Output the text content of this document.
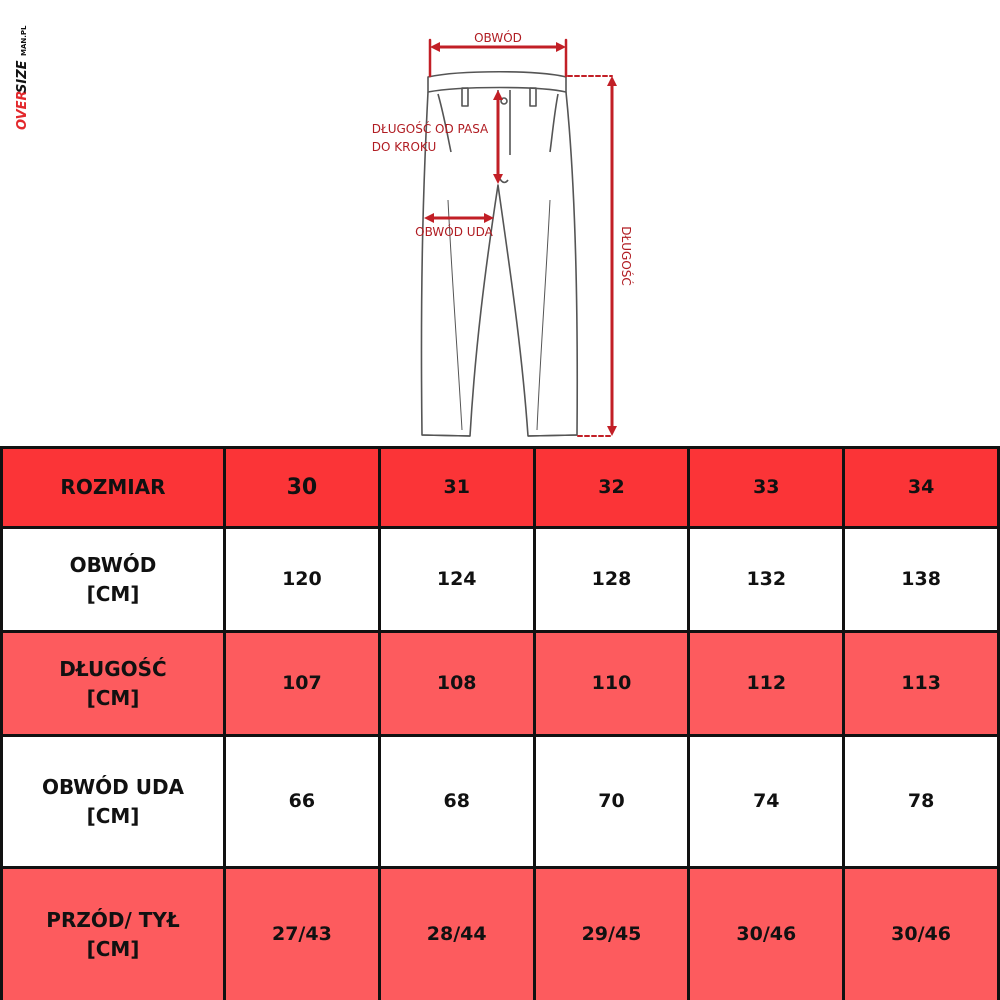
OVER
SIZE
MAN.PL	OBWÓD
DŁUGOŚĆ OD PASA
DO KROKU
OBWÓD UDA	DŁUGOŚĆ
ROZMIAR	30	31	32	33	34

OBWÓD
[CM]	120	124	128	132	138

DŁUGOŚĆ
[CM]	107	108	110	112	113

OBWÓD UDA
[CM]	66	68	70	74	78

PRZÓD/ TYŁ
[CM]	27/43	28/44	29/45	30/46	30/46
